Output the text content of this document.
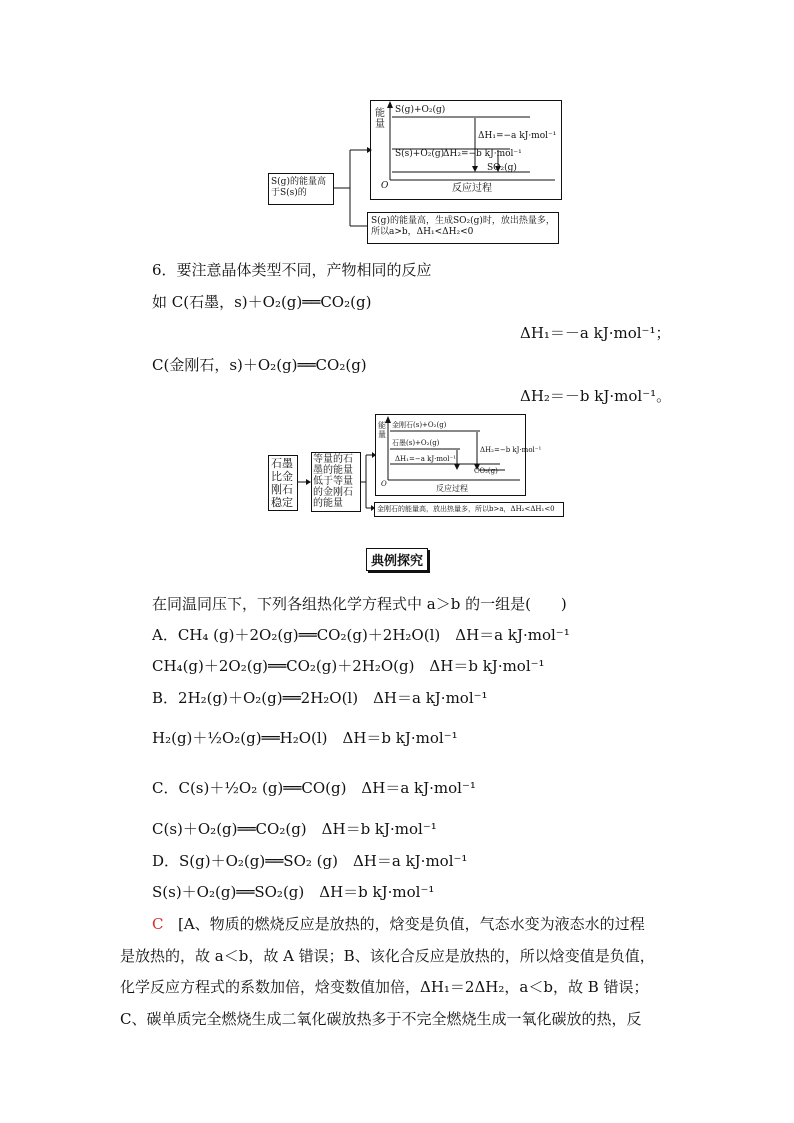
S(g)的能量高于S(s)的
能量
S(g)+O₂(g)
S(s)+O₂(g)
SO₂(g)
ΔH₁=−a kJ·mol⁻¹
ΔH₂=−b kJ·mol⁻¹
O	反应过程
S(g)的能量高，生成SO₂(g)时，放出热量多，所以a>b，ΔH₁<ΔH₂<0
6．要注意晶体类型不同，产物相同的反应
如 C(石墨，s)＋O₂(g)══CO₂(g)
ΔH₁＝－a kJ·mol⁻¹；
C(金刚石，s)＋O₂(g)══CO₂(g)
ΔH₂＝－b kJ·mol⁻¹。
石墨比金刚石稳定
等量的石墨的能量低于等量的金刚石的能量
能量
金刚石(s)+O₂(g)
石墨(s)+O₂(g)
CO₂(g)
ΔH₁=−a kJ·mol⁻¹
ΔH₂=−b kJ·mol⁻¹
O	反应过程
金刚石的能量高，放出热量多，所以b>a，ΔH₂<ΔH₁<0
典例探究
在同温同压下，下列各组热化学方程式中 a＞b 的一组是(　　)
A．CH₄ (g)＋2O₂(g)══CO₂(g)＋2H₂O(l)　ΔH＝a kJ·mol⁻¹
CH₄(g)＋2O₂(g)══CO₂(g)＋2H₂O(g)　ΔH＝b kJ·mol⁻¹
B．2H₂(g)＋O₂(g)══2H₂O(l)　ΔH＝a kJ·mol⁻¹
H₂(g)＋½O₂(g)══H₂O(l)　ΔH＝b kJ·mol⁻¹
C．C(s)＋½O₂ (g)══CO(g)　ΔH＝a kJ·mol⁻¹
C(s)＋O₂(g)══CO₂(g)　ΔH＝b kJ·mol⁻¹
D．S(g)＋O₂(g)══SO₂ (g)　ΔH＝a kJ·mol⁻¹
S(s)＋O₂(g)══SO₂(g)　ΔH＝b kJ·mol⁻¹
C [A、物质的燃烧反应是放热的，焓变是负值，气态水变为液态水的过程
是放热的，故 a＜b，故 A 错误；B、该化合反应是放热的，所以焓变值是负值，
化学反应方程式的系数加倍，焓变数值加倍，ΔH₁＝2ΔH₂，a＜b，故 B 错误；
C、碳单质完全燃烧生成二氧化碳放热多于不完全燃烧生成一氧化碳放的热，反
